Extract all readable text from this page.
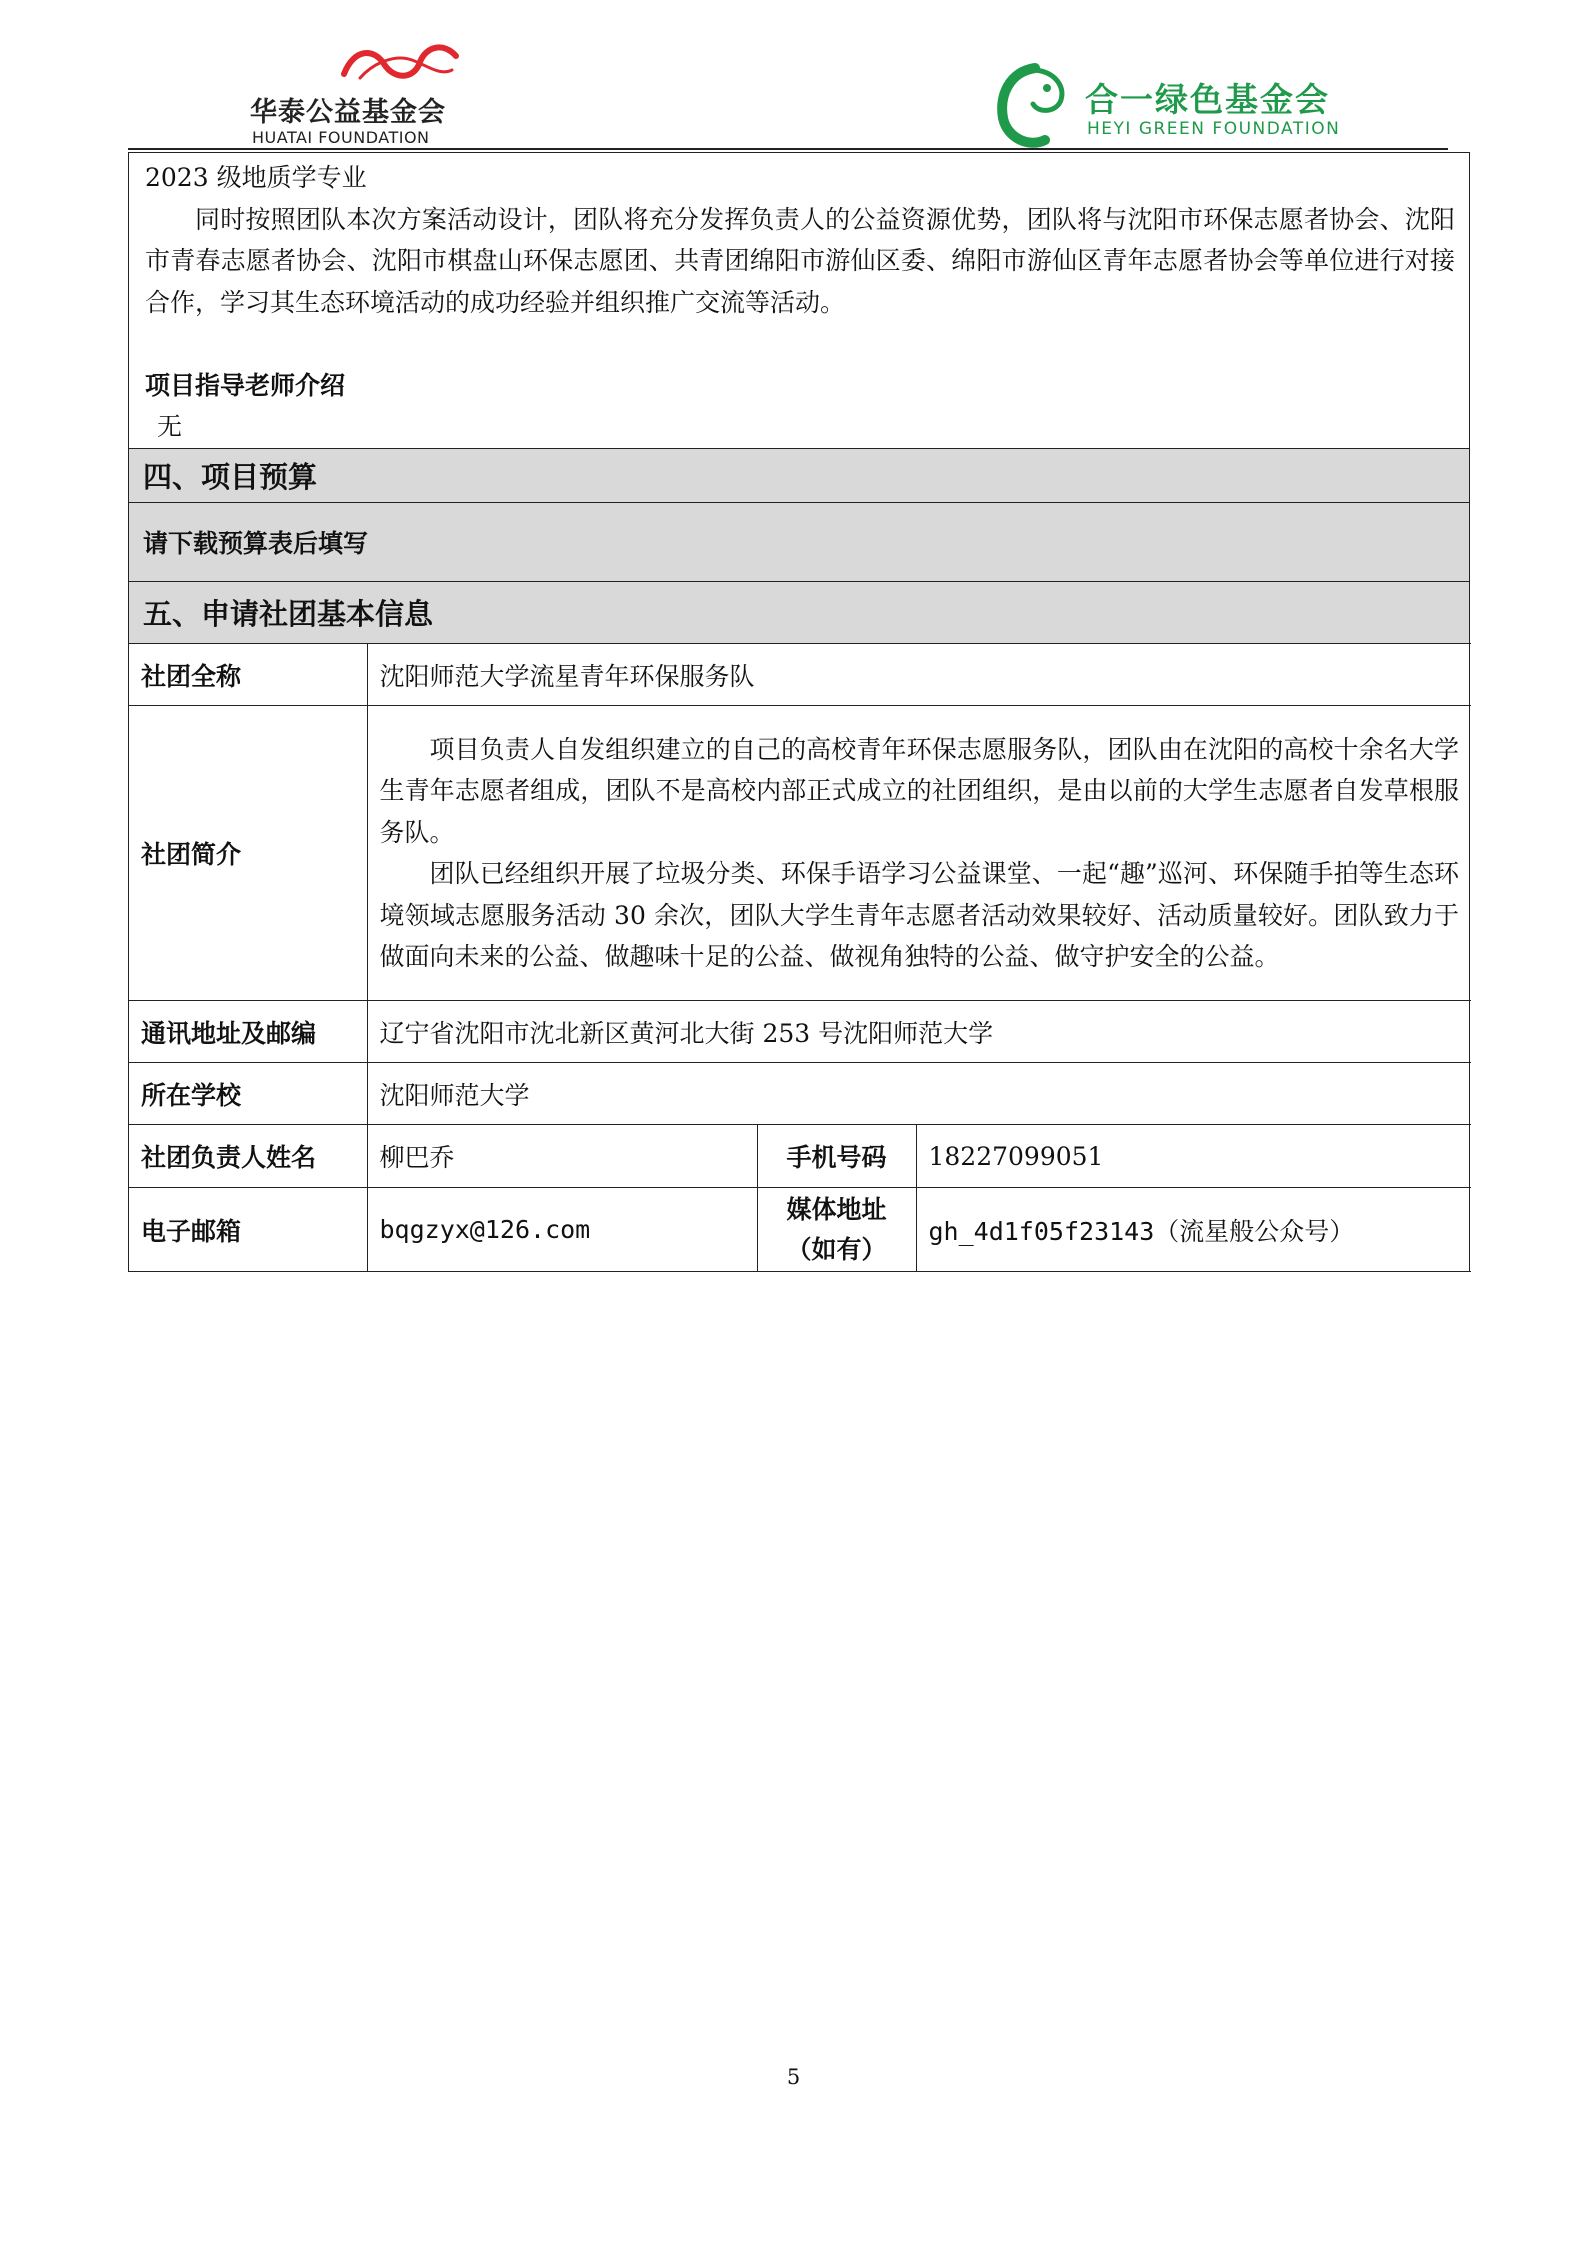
华泰公益基金会
HUATAI FOUNDATION
合一绿色基金会
HEYI GREEN FOUNDATION

2023 级地质学专业

同时按照团队本次方案活动设计，团队将充分发挥负责人的公益资源优势，团队将与沈阳市环保志愿者协会、沈阳市青春志愿者协会、沈阳市棋盘山环保志愿团、共青团绵阳市游仙区委、绵阳市游仙区青年志愿者协会等单位进行对接合作，学习其生态环境活动的成功经验并组织推广交流等活动。

项目指导老师介绍

无

四、项目预算
请下载预算表后填写
五、申请社团基本信息
社团全称	沈阳师范大学流星青年环保服务队		
社团简介	项目负责人自发组织建立的自己的高校青年环保志愿服务队，团队由在沈阳的高校十余名大学生青年志愿者组成，团队不是高校内部正式成立的社团组织，是由以前的大学生志愿者自发草根服务队。

团队已经组织开展了垃圾分类、环保手语学习公益课堂、一起“趣”巡河、环保随手拍等生态环境领域志愿服务活动 30 余次，团队大学生青年志愿者活动效果较好、活动质量较好。团队致力于做面向未来的公益、做趣味十足的公益、做视角独特的公益、做守护安全的公益。		

通讯地址及邮编	辽宁省沈阳市沈北新区黄河北大街 253 号沈阳师范大学		
所在学校	沈阳师范大学		
社团负责人姓名	柳巴乔	手机号码	18227099051
电子邮箱	bqgzyx@126.com	媒体地址
（如有）	gh_4d1f05f23143（流星般公众号）
5
